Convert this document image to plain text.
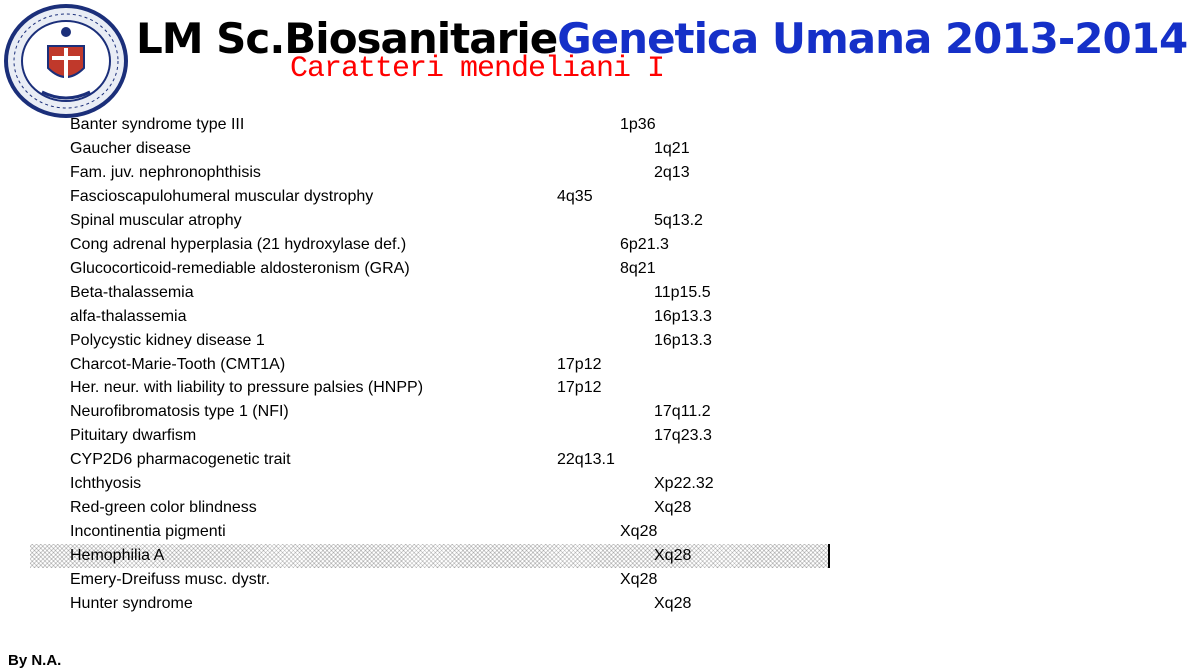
LM Sc.Biosanitarie Genetica Umana 2013-2014
Caratteri mendeliani I
Banter syndrome type III	1p36
Gaucher disease	1q21
Fam. juv. nephronophthisis	2q13
Fascioscapulohumeral muscular dystrophy	4q35
Spinal muscular atrophy	5q13.2
Cong adrenal hyperplasia (21 hydroxylase def.)	6p21.3
Glucocorticoid-remediable aldosteronism (GRA)	8q21
Beta-thalassemia	11p15.5
alfa-thalassemia	16p13.3
Polycystic kidney disease 1	16p13.3
Charcot-Marie-Tooth (CMT1A)	17p12
Her. neur. with liability to pressure palsies (HNPP)	17p12
Neurofibromatosis type 1 (NFI)	17q11.2
Pituitary dwarfism	17q23.3
CYP2D6 pharmacogenetic trait	22q13.1
Ichthyosis	Xp22.32
Red-green color blindness	Xq28
Incontinentia pigmenti	Xq28
Hemophilia A	Xq28
Emery-Dreifuss musc. dystr.	Xq28
Hunter syndrome	Xq28
By N.A.
